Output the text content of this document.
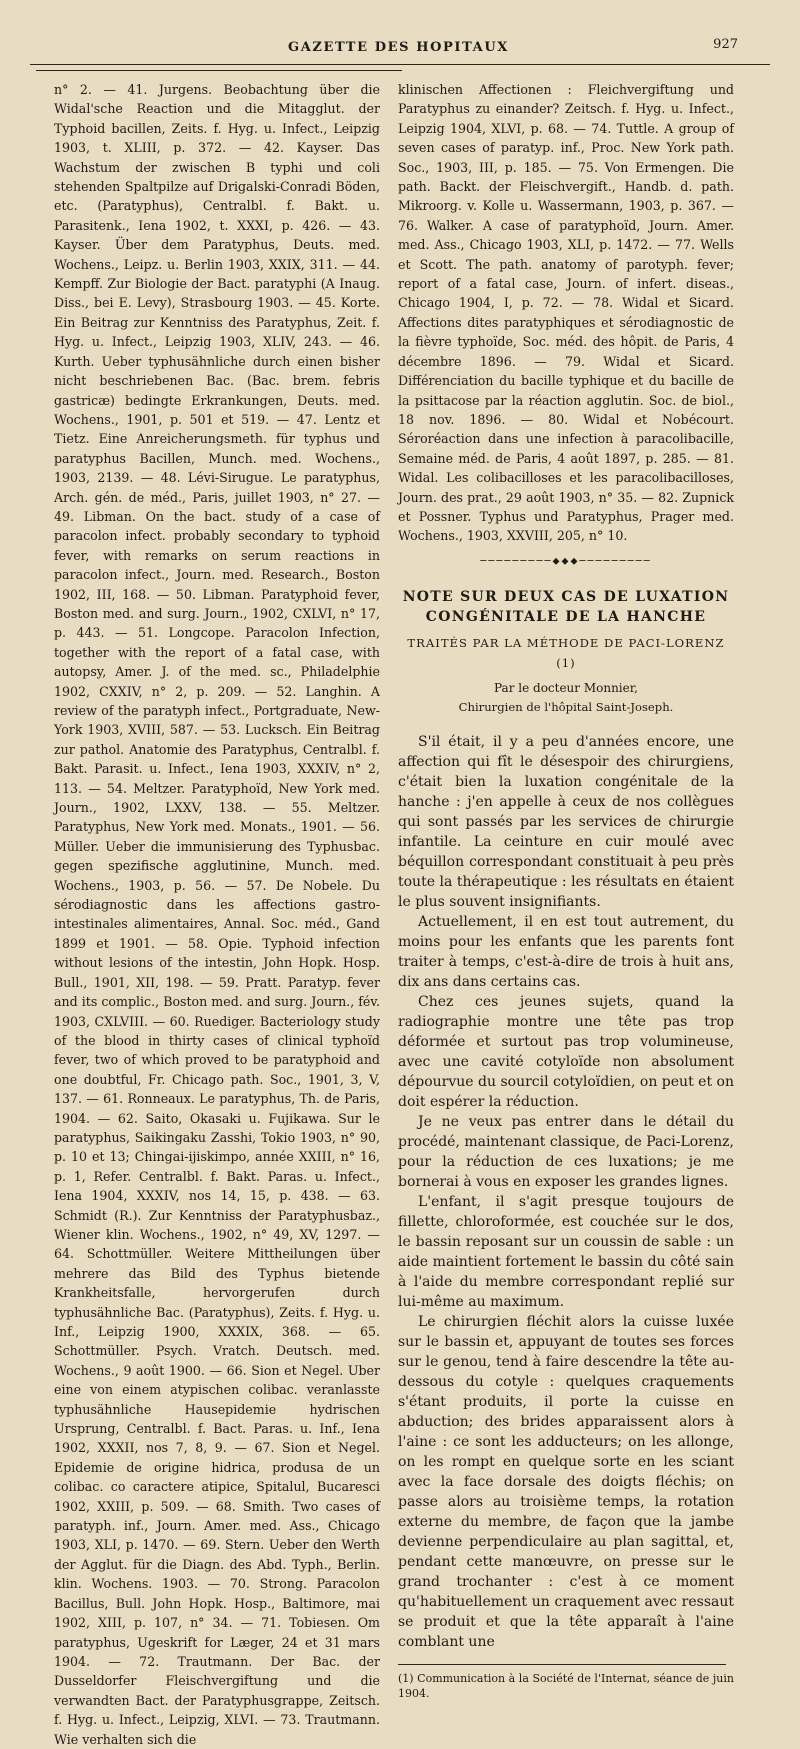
GAZETTE DES HOPITAUX	927
n° 2. — 41. Jurgens. Beobachtung über die Widal'sche Reaction und die Mitagglut. der Typhoid bacillen, Zeits. f. Hyg. u. Infect., Leipzig 1903, t. XLIII, p. 372. — 42. Kayser. Das Wachstum der zwischen B typhi und coli stehenden Spaltpilze auf Drigalski-Conradi Böden, etc. (Paratyphus), Centralbl. f. Bakt. u. Parasitenk., Iena 1902, t. XXXI, p. 426. — 43. Kayser. Über dem Paratyphus, Deuts. med. Wochens., Leipz. u. Berlin 1903, XXIX, 311. — 44. Kempff. Zur Biologie der Bact. paratyphi (A Inaug. Diss., bei E. Levy), Strasbourg 1903. — 45. Korte. Ein Beitrag zur Kenntniss des Paratyphus, Zeit. f. Hyg. u. Infect., Leipzig 1903, XLIV, 243. — 46. Kurth. Ueber typhusähnliche durch einen bisher nicht beschriebenen Bac. (Bac. brem. febris gastricæ) bedingte Erkrankungen, Deuts. med. Wochens., 1901, p. 501 et 519. — 47. Lentz et Tietz. Eine Anreicherungsmeth. für typhus und paratyphus Bacillen, Munch. med. Wochens., 1903, 2139. — 48. Lévi-Sirugue. Le paratyphus, Arch. gén. de méd., Paris, juillet 1903, n° 27. — 49. Libman. On the bact. study of a case of paracolon infect. probably secondary to typhoid fever, with remarks on serum reactions in paracolon infect., Journ. med. Research., Boston 1902, III, 168. — 50. Libman. Paratyphoid fever, Boston med. and surg. Journ., 1902, CXLVI, n° 17, p. 443. — 51. Longcope. Paracolon Infection, together with the report of a fatal case, with autopsy, Amer. J. of the med. sc., Philadelphie 1902, CXXIV, n° 2, p. 209. — 52. Langhin. A review of the paratyph infect., Portgraduate, New-York 1903, XVIII, 587. — 53. Lucksch. Ein Beitrag zur pathol. Anatomie des Paratyphus, Centralbl. f. Bakt. Parasit. u. Infect., Iena 1903, XXXIV, n° 2, 113. — 54. Meltzer. Paratyphoïd, New York med. Journ., 1902, LXXV, 138. — 55. Meltzer. Paratyphus, New York med. Monats., 1901. — 56. Müller. Ueber die immunisierung des Typhusbac. gegen spezifische agglutinine, Munch. med. Wochens., 1903, p. 56. — 57. De Nobele. Du sérodiagnostic dans les affections gastro-intestinales alimentaires, Annal. Soc. méd., Gand 1899 et 1901. — 58. Opie. Typhoid infection without lesions of the intestin, John Hopk. Hosp. Bull., 1901, XII, 198. — 59. Pratt. Paratyp. fever and its complic., Boston med. and surg. Journ., fév. 1903, CXLVIII. — 60. Ruediger. Bacteriology study of the blood in thirty cases of clinical typhoïd fever, two of which proved to be paratyphoid and one doubtful, Fr. Chicago path. Soc., 1901, 3, V, 137. — 61. Ronneaux. Le paratyphus, Th. de Paris, 1904. — 62. Saito, Okasaki u. Fujikawa. Sur le paratyphus, Saikingaku Zasshi, Tokio 1903, n° 90, p. 10 et 13; Chingai-ijiskimpo, année XXIII, n° 16, p. 1, Refer. Centralbl. f. Bakt. Paras. u. Infect., Iena 1904, XXXIV, nos 14, 15, p. 438. — 63. Schmidt (R.). Zur Kenntniss der Paratyphusbaz., Wiener klin. Wochens., 1902, n° 49, XV, 1297. — 64. Schottmüller. Weitere Mittheilungen über mehrere das Bild des Typhus bietende Krankheitsfalle, hervorgerufen durch typhusähnliche Bac. (Paratyphus), Zeits. f. Hyg. u. Inf., Leipzig 1900, XXXIX, 368. — 65. Schottmüller. Psych. Vratch. Deutsch. med. Wochens., 9 août 1900. — 66. Sion et Negel. Uber eine von einem atypischen colibac. veranlasste typhusähnliche Hausepidemie hydrischen Ursprung, Centralbl. f. Bact. Paras. u. Inf., Iena 1902, XXXII, nos 7, 8, 9. — 67. Sion et Negel. Epidemie de origine hidrica, produsa de un colibac. co caractere atipice, Spitalul, Bucaresci 1902, XXIII, p. 509. — 68. Smith. Two cases of paratyph. inf., Journ. Amer. med. Ass., Chicago 1903, XLI, p. 1470. — 69. Stern. Ueber den Werth der Agglut. für die Diagn. des Abd. Typh., Berlin. klin. Wochens. 1903. — 70. Strong. Paracolon Bacillus, Bull. John Hopk. Hosp., Baltimore, mai 1902, XIII, p. 107, n° 34. — 71. Tobiesen. Om paratyphus, Ugeskrift for Læger, 24 et 31 mars 1904. — 72. Trautmann. Der Bac. der Dusseldorfer Fleischvergiftung und die verwandten Bact. der Paratyphusgrappe, Zeitsch. f. Hyg. u. Infect., Leipzig, XLVI. — 73. Trautmann. Wie verhalten sich die
klinischen Affectionen : Fleichvergiftung und Paratyphus zu einander? Zeitsch. f. Hyg. u. Infect., Leipzig 1904, XLVI, p. 68. — 74. Tuttle. A group of seven cases of paratyp. inf., Proc. New York path. Soc., 1903, III, p. 185. — 75. Von Ermengen. Die path. Backt. der Fleischvergift., Handb. d. path. Mikroorg. v. Kolle u. Wassermann, 1903, p. 367. — 76. Walker. A case of paratyphoïd, Journ. Amer. med. Ass., Chicago 1903, XLI, p. 1472. — 77. Wells et Scott. The path. anatomy of parotyph. fever; report of a fatal case, Journ. of infert. diseas., Chicago 1904, I, p. 72. — 78. Widal et Sicard. Affections dites paratyphiques et sérodiagnostic de la fièvre typhoïde, Soc. méd. des hôpit. de Paris, 4 décembre 1896. — 79. Widal et Sicard. Différenciation du bacille typhique et du bacille de la psittacose par la réaction agglutin. Soc. de biol., 18 nov. 1896. — 80. Widal et Nobécourt. Séroréaction dans une infection à paracolibacille, Semaine méd. de Paris, 4 août 1897, p. 285. — 81. Widal. Les colibacilloses et les paracolibacilloses, Journ. des prat., 29 août 1903, n° 35. — 82. Zupnick et Possner. Typhus und Paratyphus, Prager med. Wochens., 1903, XXVIII, 205, n° 10.
─────────⬥⬥⬥─────────
NOTE SUR DEUX CAS DE LUXATION CONGÉNITALE DE LA HANCHE
TRAITÉS PAR LA MÉTHODE DE PACI-LORENZ (1)
Par le docteur Monnier,
Chirurgien de l'hôpital Saint-Joseph.

S'il était, il y a peu d'années encore, une affection qui fît le désespoir des chirurgiens, c'était bien la luxation congénitale de la hanche : j'en appelle à ceux de nos collègues qui sont passés par les services de chirurgie infantile. La ceinture en cuir moulé avec béquillon correspondant constituait à peu près toute la thérapeutique : les résultats en étaient le plus souvent insignifiants.

Actuellement, il en est tout autrement, du moins pour les enfants que les parents font traiter à temps, c'est-à-dire de trois à huit ans, dix ans dans certains cas.

Chez ces jeunes sujets, quand la radiographie montre une tête pas trop déformée et surtout pas trop volumineuse, avec une cavité cotyloïde non absolument dépourvue du sourcil cotyloïdien, on peut et on doit espérer la réduction.

Je ne veux pas entrer dans le détail du procédé, maintenant classique, de Paci-Lorenz, pour la réduction de ces luxations; je me bornerai à vous en exposer les grandes lignes.

L'enfant, il s'agit presque toujours de fillette, chloroformée, est couchée sur le dos, le bassin reposant sur un coussin de sable : un aide maintient fortement le bassin du côté sain à l'aide du membre correspondant replié sur lui-même au maximum.

Le chirurgien fléchit alors la cuisse luxée sur le bassin et, appuyant de toutes ses forces sur le genou, tend à faire descendre la tête au-dessous du cotyle : quelques craquements s'étant produits, il porte la cuisse en abduction; des brides apparaissent alors à l'aine : ce sont les adducteurs; on les allonge, on les rompt en quelque sorte en les sciant avec la face dorsale des doigts fléchis; on passe alors au troisième temps, la rotation externe du membre, de façon que la jambe devienne perpendiculaire au plan sagittal, et, pendant cette manœuvre, on presse sur le grand trochanter : c'est à ce moment qu'habituellement un craquement avec ressaut se produit et que la tête apparaît à l'aine comblant une

(1) Communication à la Société de l'Internat, séance de juin 1904.
